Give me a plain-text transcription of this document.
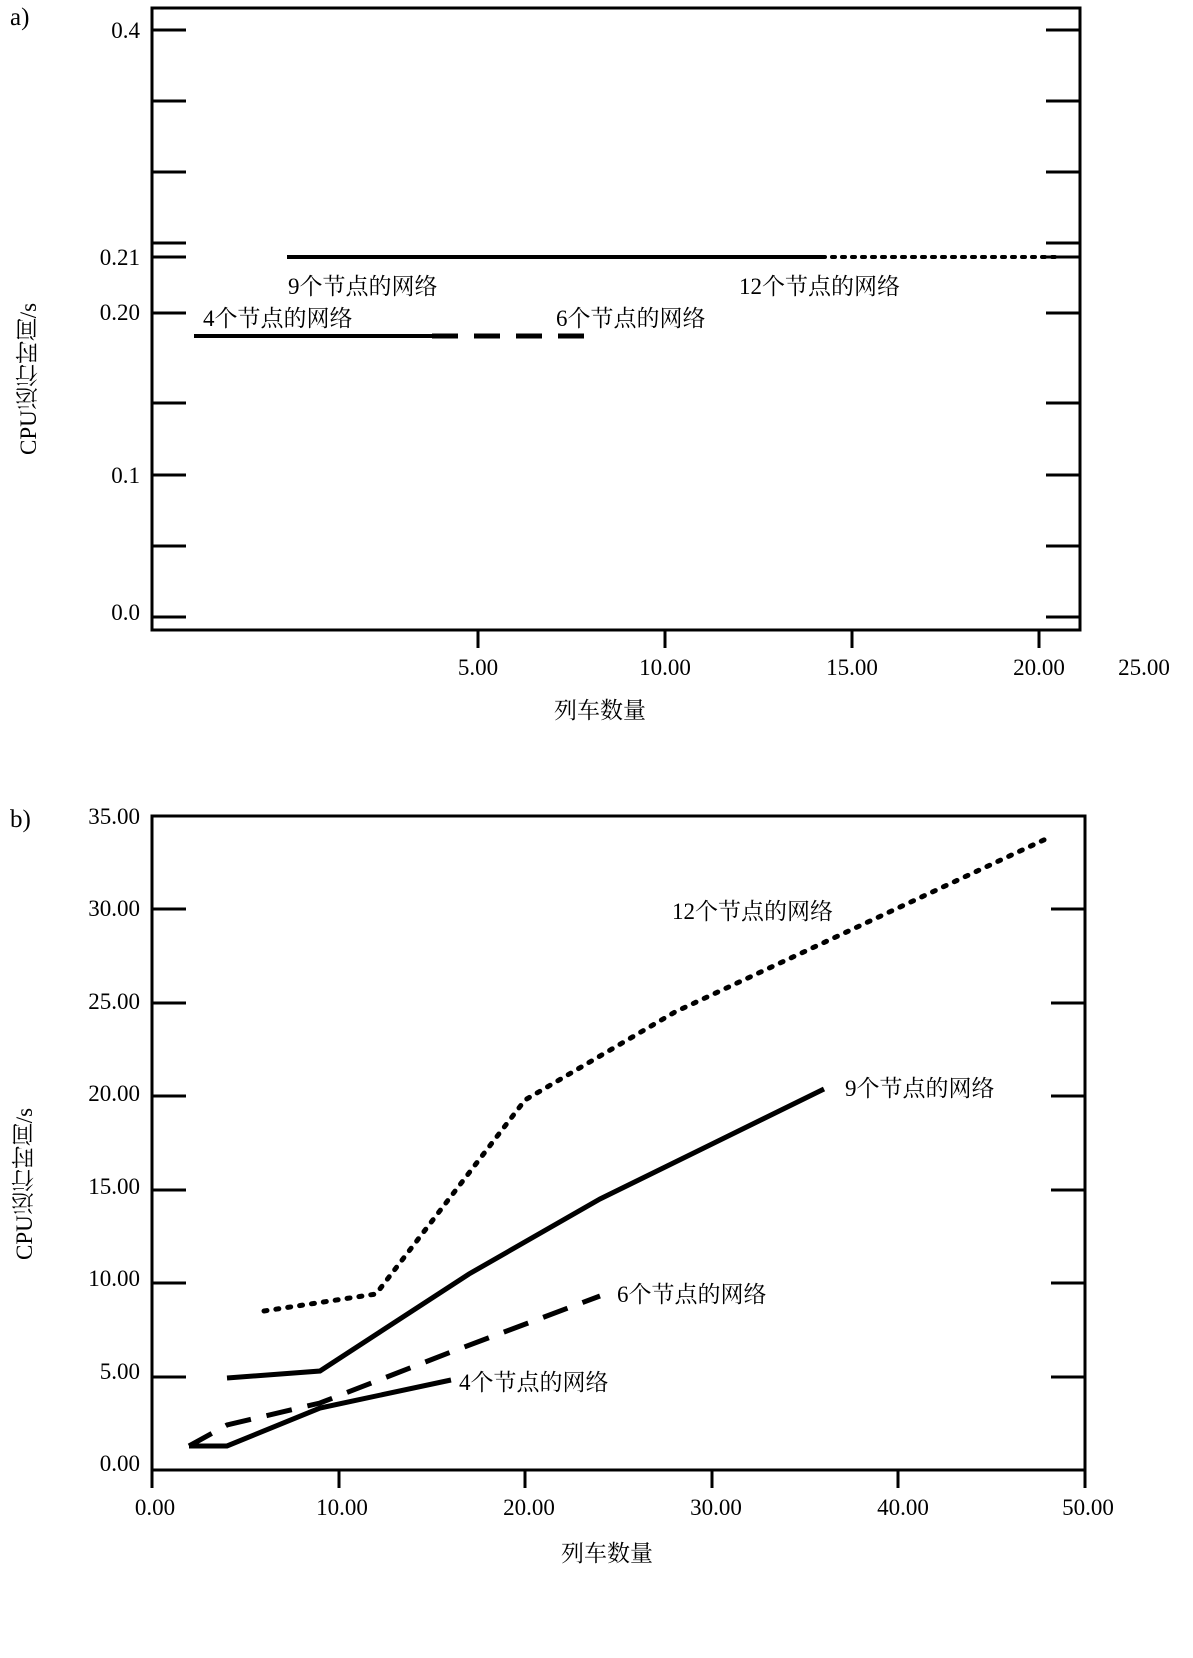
a)
CPU运行时间/s
0.4
0.21
0.20
0.1
0.0
5.00	10.00	15.00	20.00	25.00
列车数量
9个节点的网络	12个节点的网络
4个节点的网络	6个节点的网络
b)
CPU运行时间/s
35.00
30.00
25.00
20.00
15.00
10.00
5.00
0.00
0.00	10.00	20.00	30.00	40.00	50.00
列车数量
12个节点的网络
9个节点的网络
6个节点的网络
4个节点的网络
